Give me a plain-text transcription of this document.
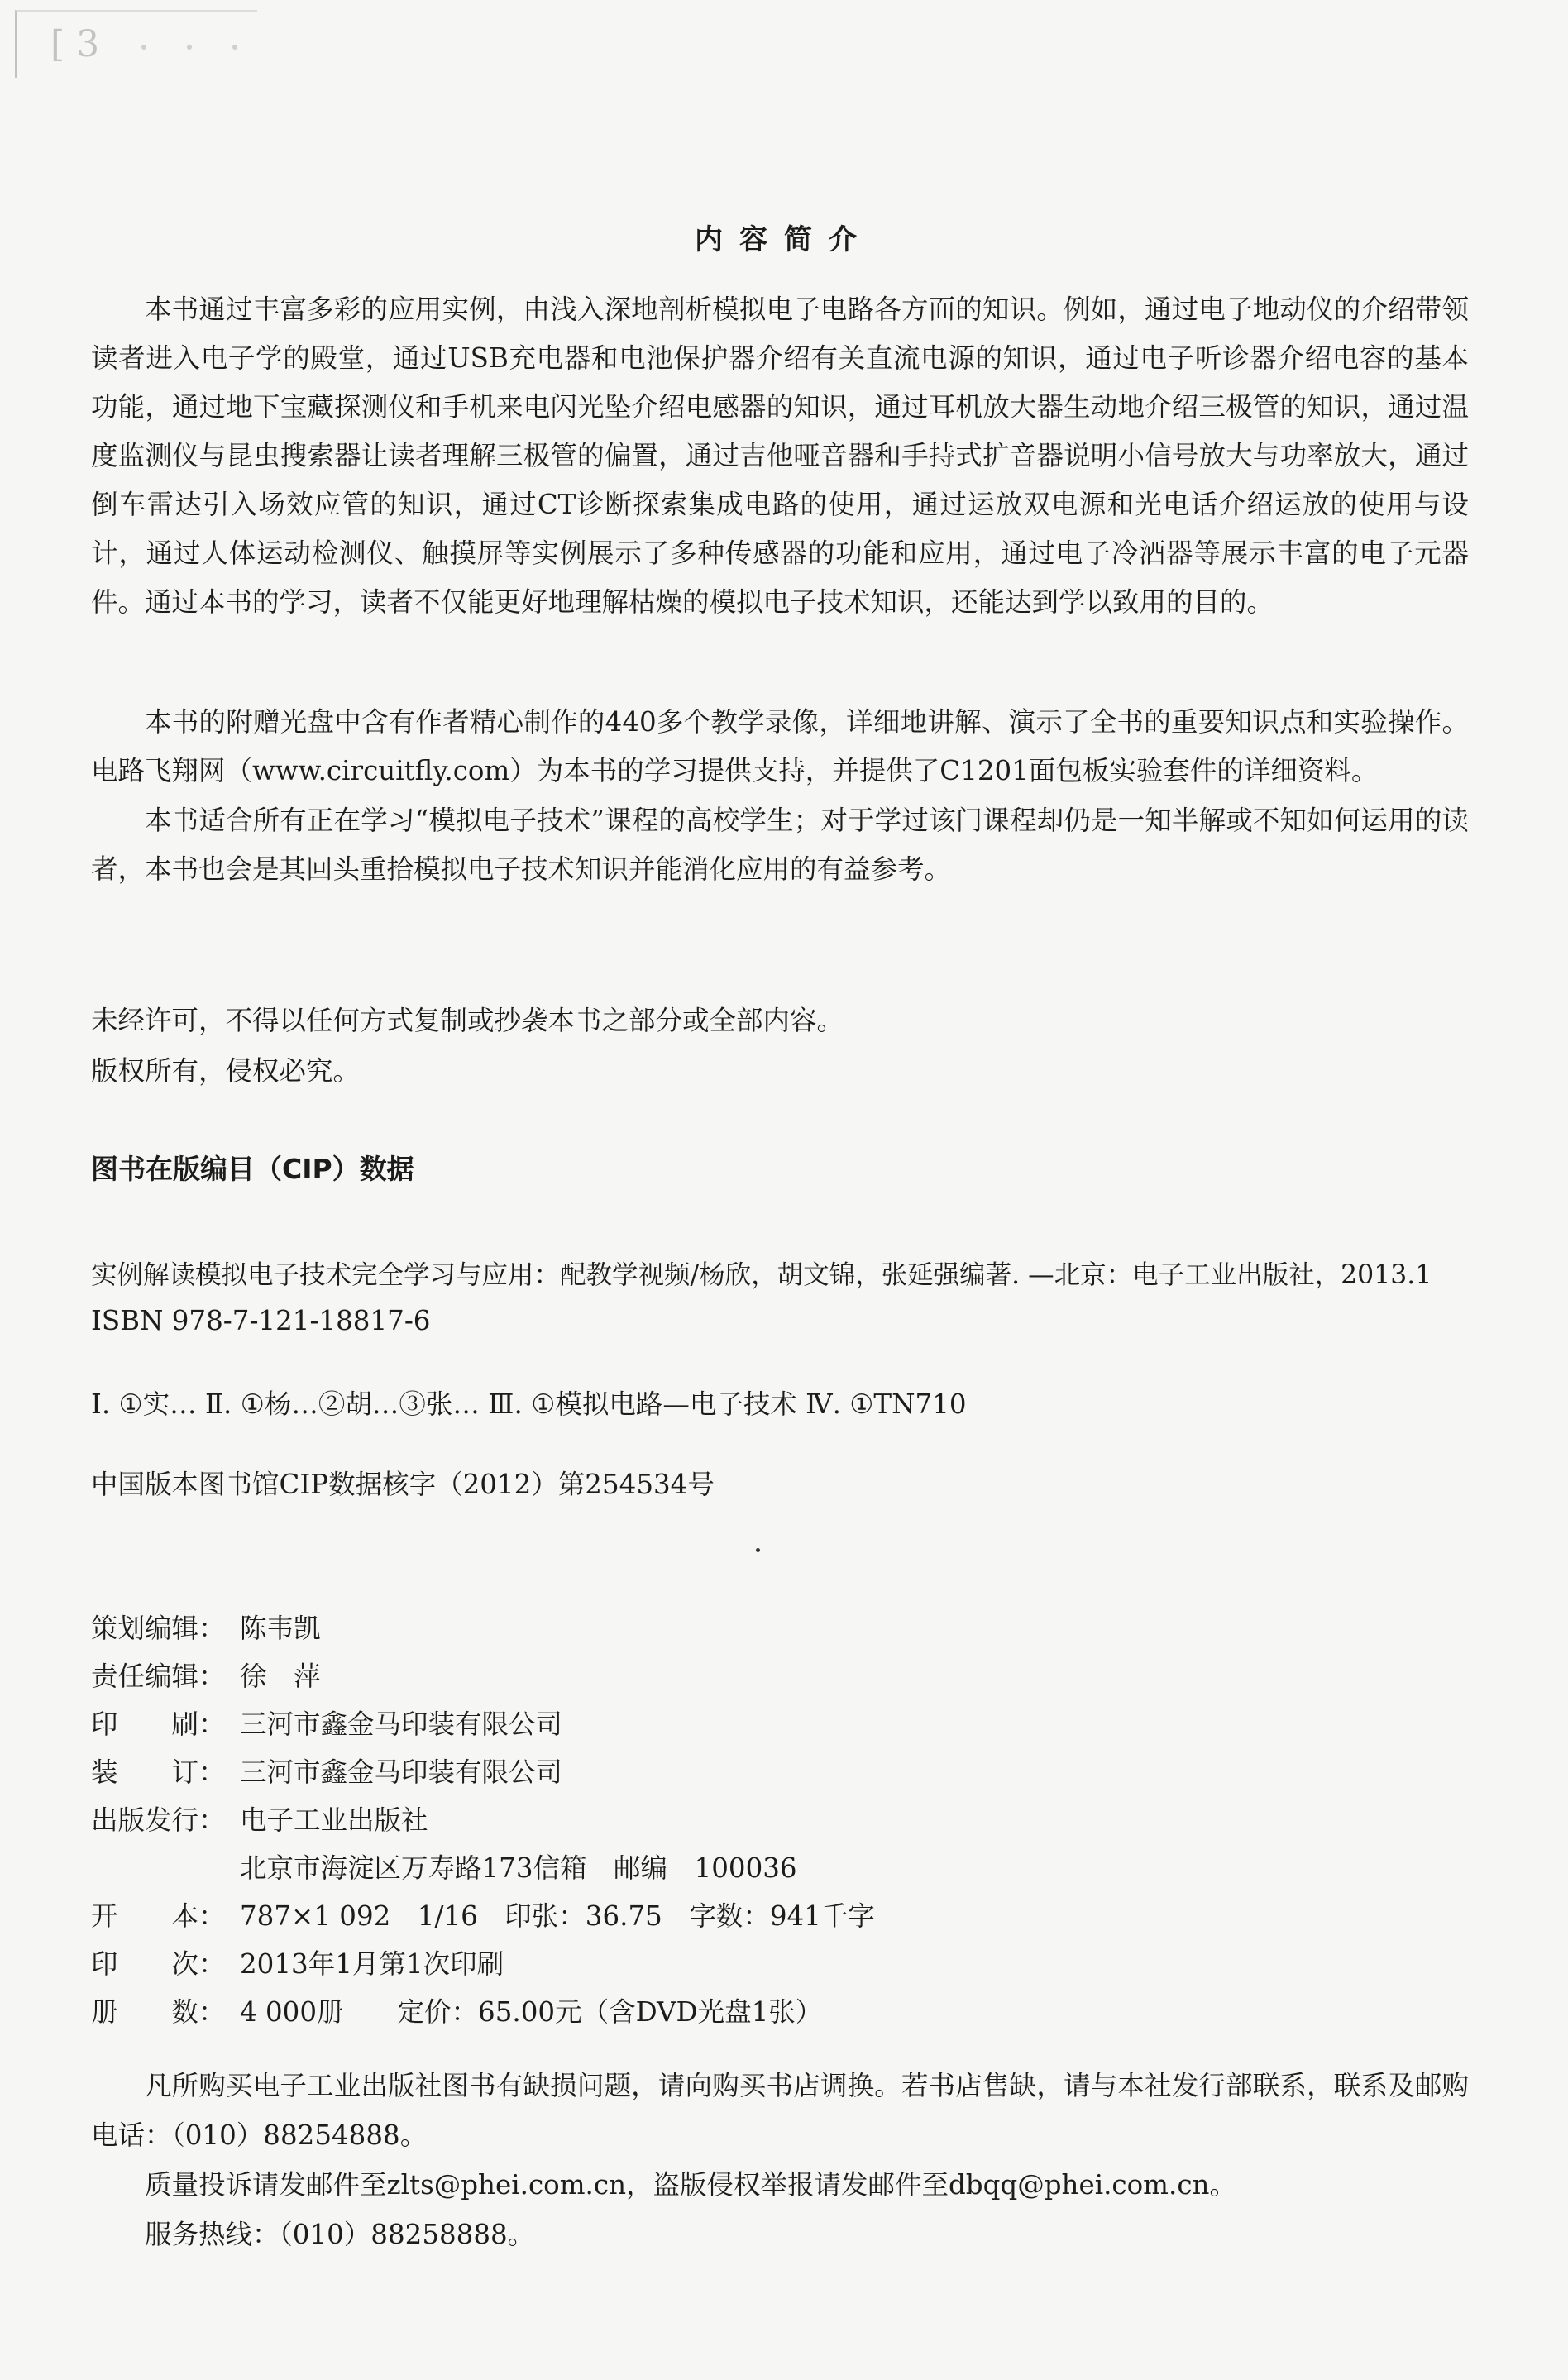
[ 3
内容简介

本书通过丰富多彩的应用实例，由浅入深地剖析模拟电子电路各方面的知识。例如，通过电子地动仪的介绍带领读者进入电子学的殿堂，通过USB充电器和电池保护器介绍有关直流电源的知识，通过电子听诊器介绍电容的基本功能，通过地下宝藏探测仪和手机来电闪光坠介绍电感器的知识，通过耳机放大器生动地介绍三极管的知识，通过温度监测仪与昆虫搜索器让读者理解三极管的偏置，通过吉他哑音器和手持式扩音器说明小信号放大与功率放大，通过倒车雷达引入场效应管的知识，通过CT诊断探索集成电路的使用，通过运放双电源和光电话介绍运放的使用与设计，通过人体运动检测仪、触摸屏等实例展示了多种传感器的功能和应用，通过电子冷酒器等展示丰富的电子元器件。通过本书的学习，读者不仅能更好地理解枯燥的模拟电子技术知识，还能达到学以致用的目的。

本书的附赠光盘中含有作者精心制作的440多个教学录像，详细地讲解、演示了全书的重要知识点和实验操作。电路飞翔网（www.circuitfly.com）为本书的学习提供支持，并提供了C1201面包板实验套件的详细资料。

本书适合所有正在学习“模拟电子技术”课程的高校学生；对于学过该门课程却仍是一知半解或不知如何运用的读者，本书也会是其回头重拾模拟电子技术知识并能消化应用的有益参考。

未经许可，不得以任何方式复制或抄袭本书之部分或全部内容。

版权所有，侵权必究。

图书在版编目（CIP）数据

实例解读模拟电子技术完全学习与应用：配教学视频/杨欣，胡文锦，张延强编著. —北京：电子工业出版社，2013.1

ISBN 978-7-121-18817-6

Ⅰ. ①实… Ⅱ. ①杨…②胡…③张… Ⅲ. ①模拟电路—电子技术 Ⅳ. ①TN710

中国版本图书馆CIP数据核字（2012）第254534号

策划编辑： 陈韦凯
责任编辑： 徐　萍
印　　刷： 三河市鑫金马印装有限公司
装　　订： 三河市鑫金马印装有限公司
出版发行： 电子工业出版社
北京市海淀区万寿路173信箱　邮编　100036
开　　本： 787×1 092　1/16　印张：36.75　字数：941千字
印　　次： 2013年1月第1次印刷
册　　数： 4 000册　　定价：65.00元（含DVD光盘1张）

凡所购买电子工业出版社图书有缺损问题，请向购买书店调换。若书店售缺，请与本社发行部联系，联系及邮购电话：（010）88254888。

质量投诉请发邮件至zlts@phei.com.cn，盗版侵权举报请发邮件至dbqq@phei.com.cn。

服务热线：（010）88258888。
